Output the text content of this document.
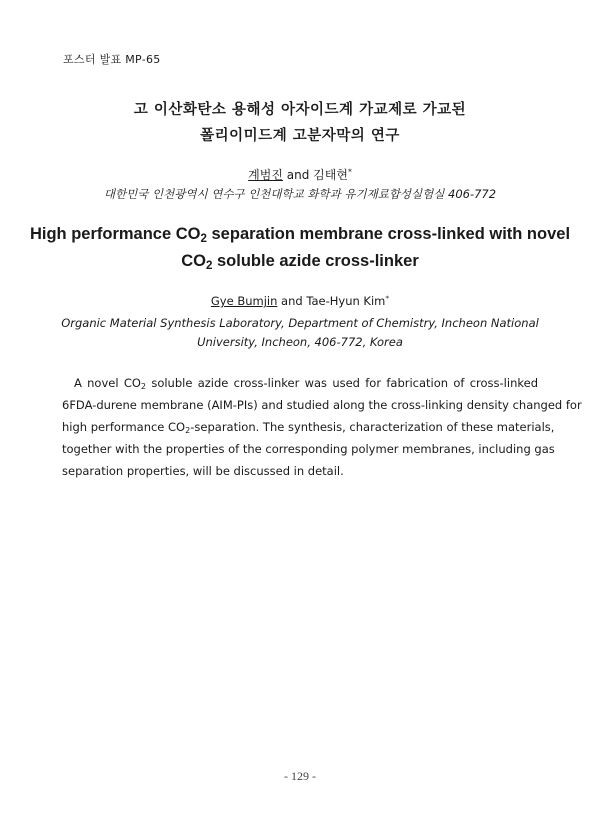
포스터 발표 MP-65
고 이산화탄소 용해성 아자이드계 가교제로 가교된
폴리이미드계 고분자막의 연구
계범진 and 김태현*
대한민국 인천광역시 연수구 인천대학교 화학과 유기재료합성실험실 406-772
High performance $CO_2$ separation membrane cross-linked with novel
$CO_2$ soluble azide cross-linker
Gye Bumjin and Tae-Hyun Kim*
Organic Material Synthesis Laboratory, Department of Chemistry, Incheon National
University, Incheon, 406-772, Korea
A novel $CO_2$ soluble azide cross-linker was used for fabrication of cross-linked
6FDA-durene membrane (AIM-PIs) and studied along the cross-linking density changed for
high performance $CO_2$-separation. The synthesis, characterization of these materials,
together with the properties of the corresponding polymer membranes, including gas
separation properties, will be discussed in detail.
- 129 -
